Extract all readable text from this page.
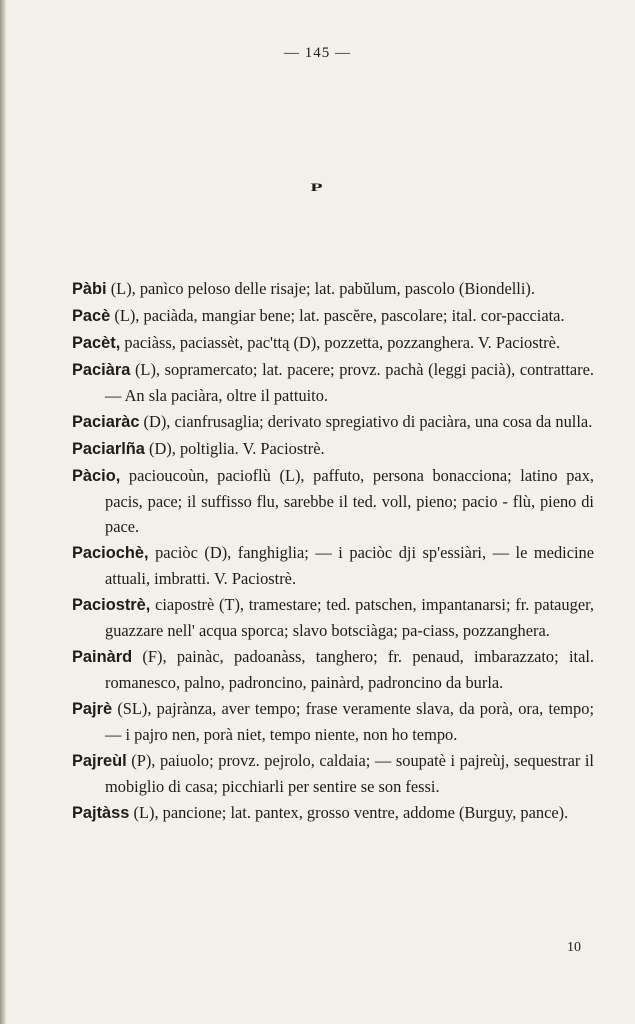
— 145 —
P

Pàbi (L), panìco peloso delle risaje; lat. pabŭlum, pascolo (Biondelli).

Pacè (L), paciàda, mangiar bene; lat. pascĕre, pascolare; ital. cor-pacciata.

Pacèt, paciàss, paciassèt, pac'ttą (D), pozzetta, pozzanghera. V. Paciostrè.

Paciàra (L), sopramercato; lat. pacere; provz. pachà (leggi pacià), contrattare. — An sla paciàra, oltre il pattuito.

Paciaràc (D), cianfrusaglia; derivato spregiativo di paciàra, una cosa da nulla.

Paciarlña (D), poltiglia. V. Paciostrè.

Pàcio, pacioucoùn, pacioflù (L), paffuto, persona bonacciona; latino pax, pacis, pace; il suffisso flu, sarebbe il ted. voll, pieno; pacio - flù, pieno di pace.

Paciochè, paciòc (D), fanghiglia; — i paciòc dji sp'essiàri, — le medicine attuali, imbratti. V. Paciostrè.

Paciostrè, ciapostrè (T), tramestare; ted. patschen, impantanarsi; fr. patauger, guazzare nell' acqua sporca; slavo botsciàga; pa-ciass, pozzanghera.

Painàrd (F), painàc, padoanàss, tanghero; fr. penaud, imbarazzato; ital. romanesco, palno, padroncino, painàrd, padroncino da burla.

Pajrè (SL), pajrànza, aver tempo; frase veramente slava, da porà, ora, tempo; — i pajro nen, porà niet, tempo niente, non ho tempo.

Pajreùl (P), paiuolo; provz. pejrolo, caldaia; — soupatè i pajreùj, sequestrar il mobiglio di casa; picchiarli per sentire se son fessi.

Pajtàss (L), pancione; lat. pantex, grosso ventre, addome (Burguy, pance).

10
